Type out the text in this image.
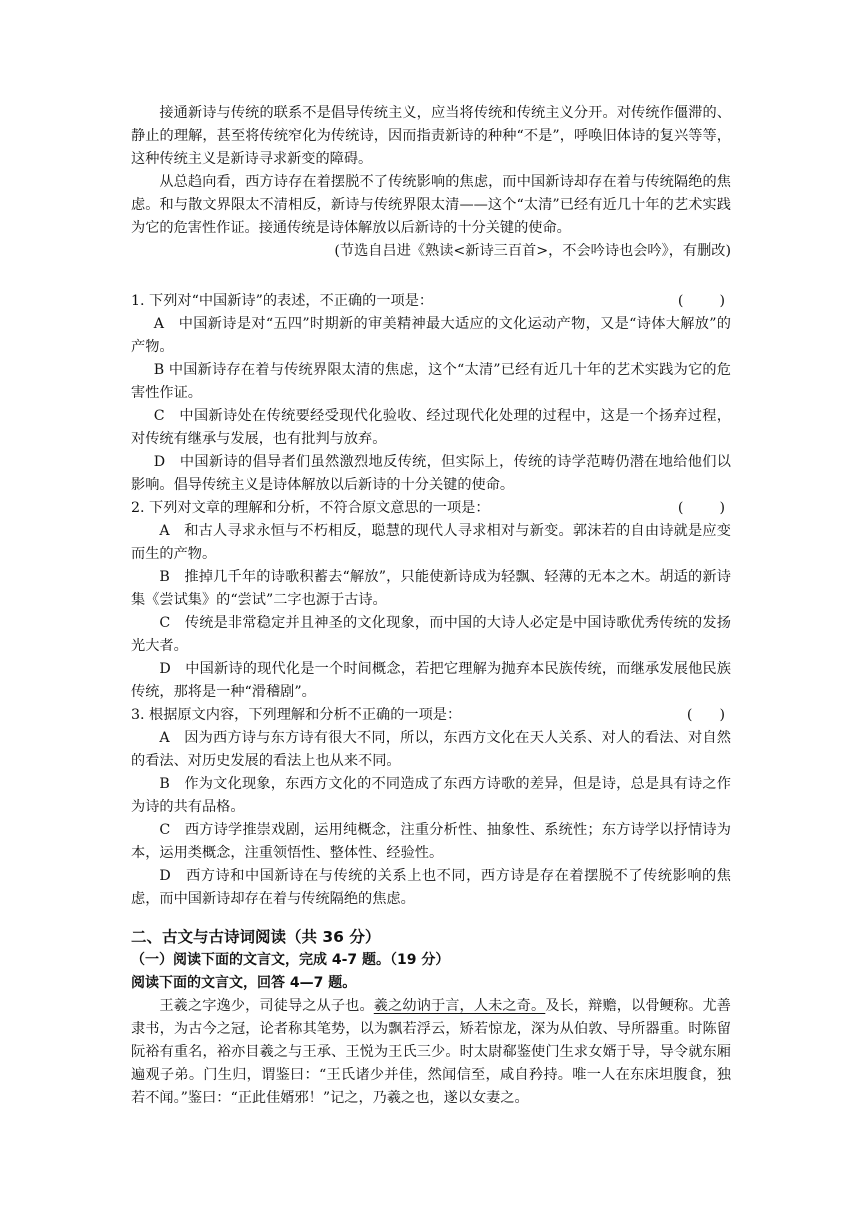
接通新诗与传统的联系不是倡导传统主义，应当将传统和传统主义分开。对传统作僵滞的、静止的理解，甚至将传统窄化为传统诗，因而指责新诗的种种“不是”，呼唤旧体诗的复兴等等，这种传统主义是新诗寻求新变的障碍。

从总趋向看，西方诗存在着摆脱不了传统影响的焦虑，而中国新诗却存在着与传统隔绝的焦虑。和与散文界限太不清相反，新诗与传统界限太清——这个“太清”已经有近几十年的艺术实践为它的危害性作证。接通传统是诗体解放以后新诗的十分关键的使命。

(节选自吕进《熟读<新诗三百首>，不会吟诗也会吟》，有删改)

1. 下列对“中国新诗”的表述，不正确的一项是：	(        )

A　中国新诗是对“五四”时期新的审美精神最大适应的文化运动产物，又是“诗体大解放”的产物。

B 中国新诗存在着与传统界限太清的焦虑，这个“太清”已经有近几十年的艺术实践为它的危害性作证。

C　中国新诗处在传统要经受现代化验收、经过现代化处理的过程中，这是一个扬弃过程，对传统有继承与发展，也有批判与放弃。

D　中国新诗的倡导者们虽然激烈地反传统，但实际上，传统的诗学范畴仍潜在地给他们以影响。倡导传统主义是诗体解放以后新诗的十分关键的使命。

2. 下列对文章的理解和分析，不符合原文意思的一项是：	(        )

A　和古人寻求永恒与不朽相反，聪慧的现代人寻求相对与新变。郭沫若的自由诗就是应变而生的产物。

B　推掉几千年的诗歌积蓄去“解放”，只能使新诗成为轻飘、轻薄的无本之木。胡适的新诗集《尝试集》的“尝试”二字也源于古诗。

C　传统是非常稳定并且神圣的文化现象，而中国的大诗人必定是中国诗歌优秀传统的发扬光大者。

D　中国新诗的现代化是一个时间概念，若把它理解为抛弃本民族传统，而继承发展他民族传统，那将是一种“滑稽剧”。

3. 根据原文内容，下列理解和分析不正确的一项是：	(      )

A　因为西方诗与东方诗有很大不同，所以，东西方文化在天人关系、对人的看法、对自然的看法、对历史发展的看法上也从来不同。

B　作为文化现象，东西方文化的不同造成了东西方诗歌的差异，但是诗，总是具有诗之作为诗的共有品格。

C　西方诗学推崇戏剧，运用纯概念，注重分析性、抽象性、系统性；东方诗学以抒情诗为本，运用类概念，注重领悟性、整体性、经验性。

D　西方诗和中国新诗在与传统的关系上也不同，西方诗是存在着摆脱不了传统影响的焦虑，而中国新诗却存在着与传统隔绝的焦虑。

二、古文与古诗词阅读（共 36 分）
（一）阅读下面的文言文，完成 4-7 题。（19 分）
阅读下面的文言文，回答 4—7 题。

王羲之字逸少，司徒导之从子也。羲之幼讷于言，人未之奇。及长，辩赡，以骨鲠称。尤善隶书，为古今之冠，论者称其笔势，以为飘若浮云，矫若惊龙，深为从伯敦、导所器重。时陈留阮裕有重名，裕亦目羲之与王承、王悦为王氏三少。时太尉郗鉴使门生求女婿于导，导令就东厢遍观子弟。门生归，谓鉴曰：“王氏诸少并佳，然闻信至，咸自矜持。唯一人在东床坦腹食，独若不闻。”鉴曰：“正此佳婿邪！”记之，乃羲之也，遂以女妻之。
